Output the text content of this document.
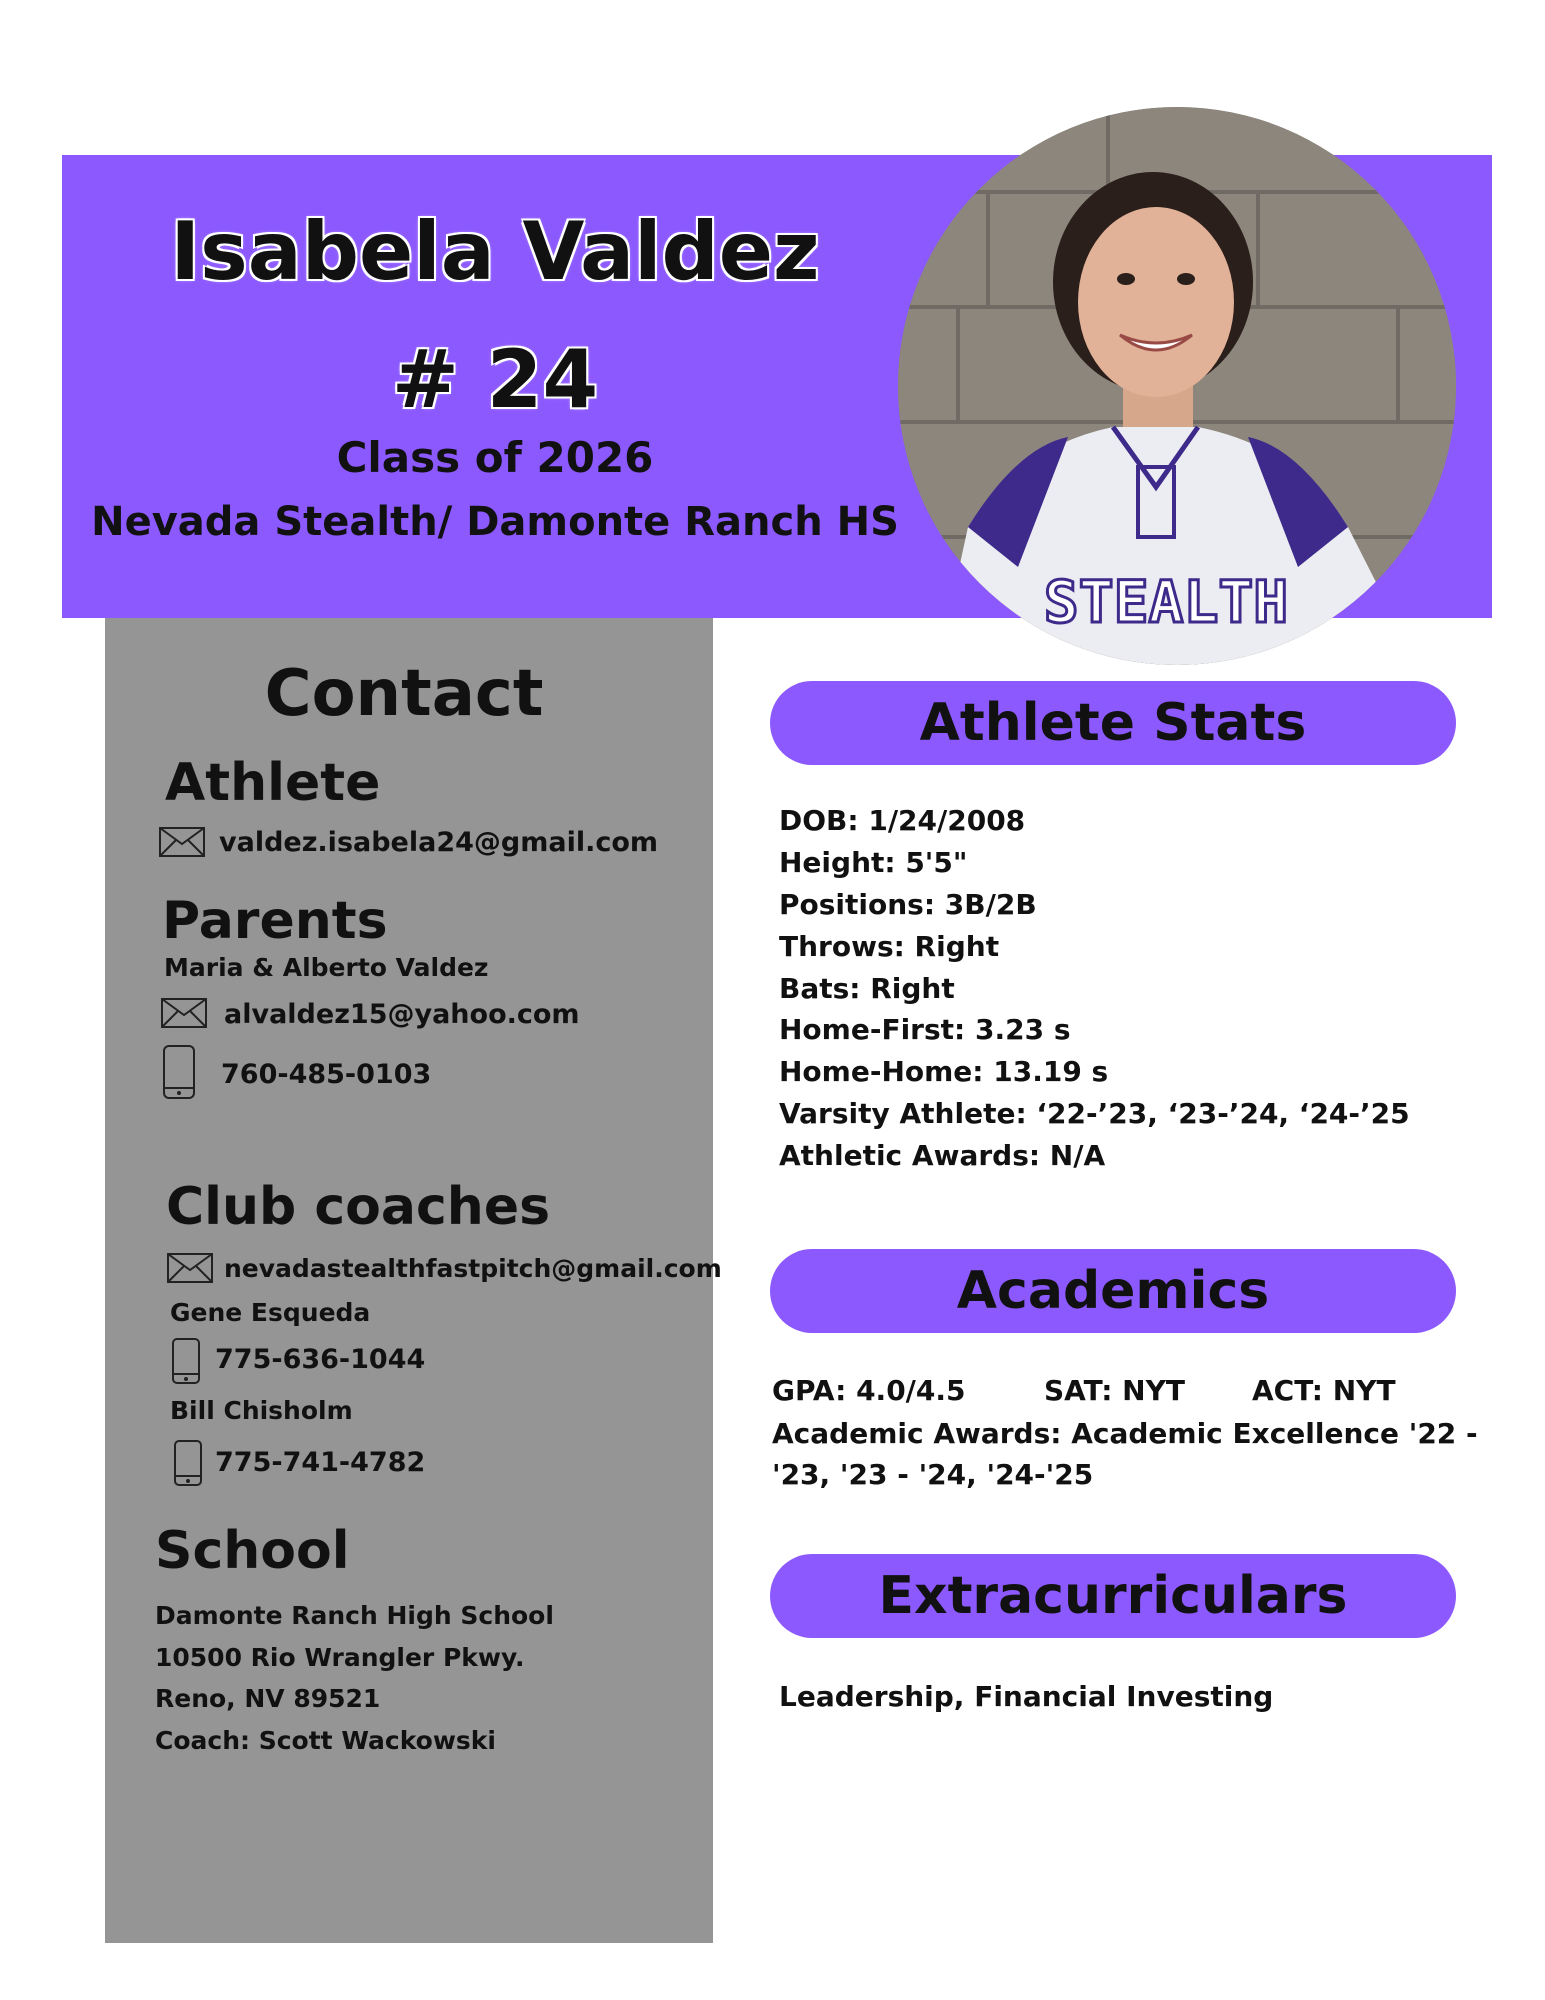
Isabela Valdez
# 24
Class of 2026
Nevada Stealth/ Damonte Ranch HS
STEALTH
Contact
Athlete
valdez.isabela24@gmail.com
Parents
Maria & Alberto Valdez
alvaldez15@yahoo.com
760-485-0103
Club coaches
nevadastealthfastpitch@gmail.com
Gene Esqueda
775-636-1044
Bill Chisholm
775-741-4782
School
Damonte Ranch High School
10500 Rio Wrangler Pkwy.
Reno, NV 89521
Coach: Scott Wackowski
Athlete Stats
DOB: 1/24/2008
Height: 5'5"
Positions: 3B/2B
Throws: Right
Bats: Right
Home-First: 3.23 s
Home-Home: 13.19 s
Varsity Athlete: ‘22-’23, ‘23-’24, ‘24-’25
Athletic Awards: N/A
Academics
GPA: 4.0/4.5	SAT: NYT ACT: NYT
Academic Awards: Academic Excellence '22 -
'23, '23 - '24, '24-'25
Extracurriculars
Leadership, Financial Investing
